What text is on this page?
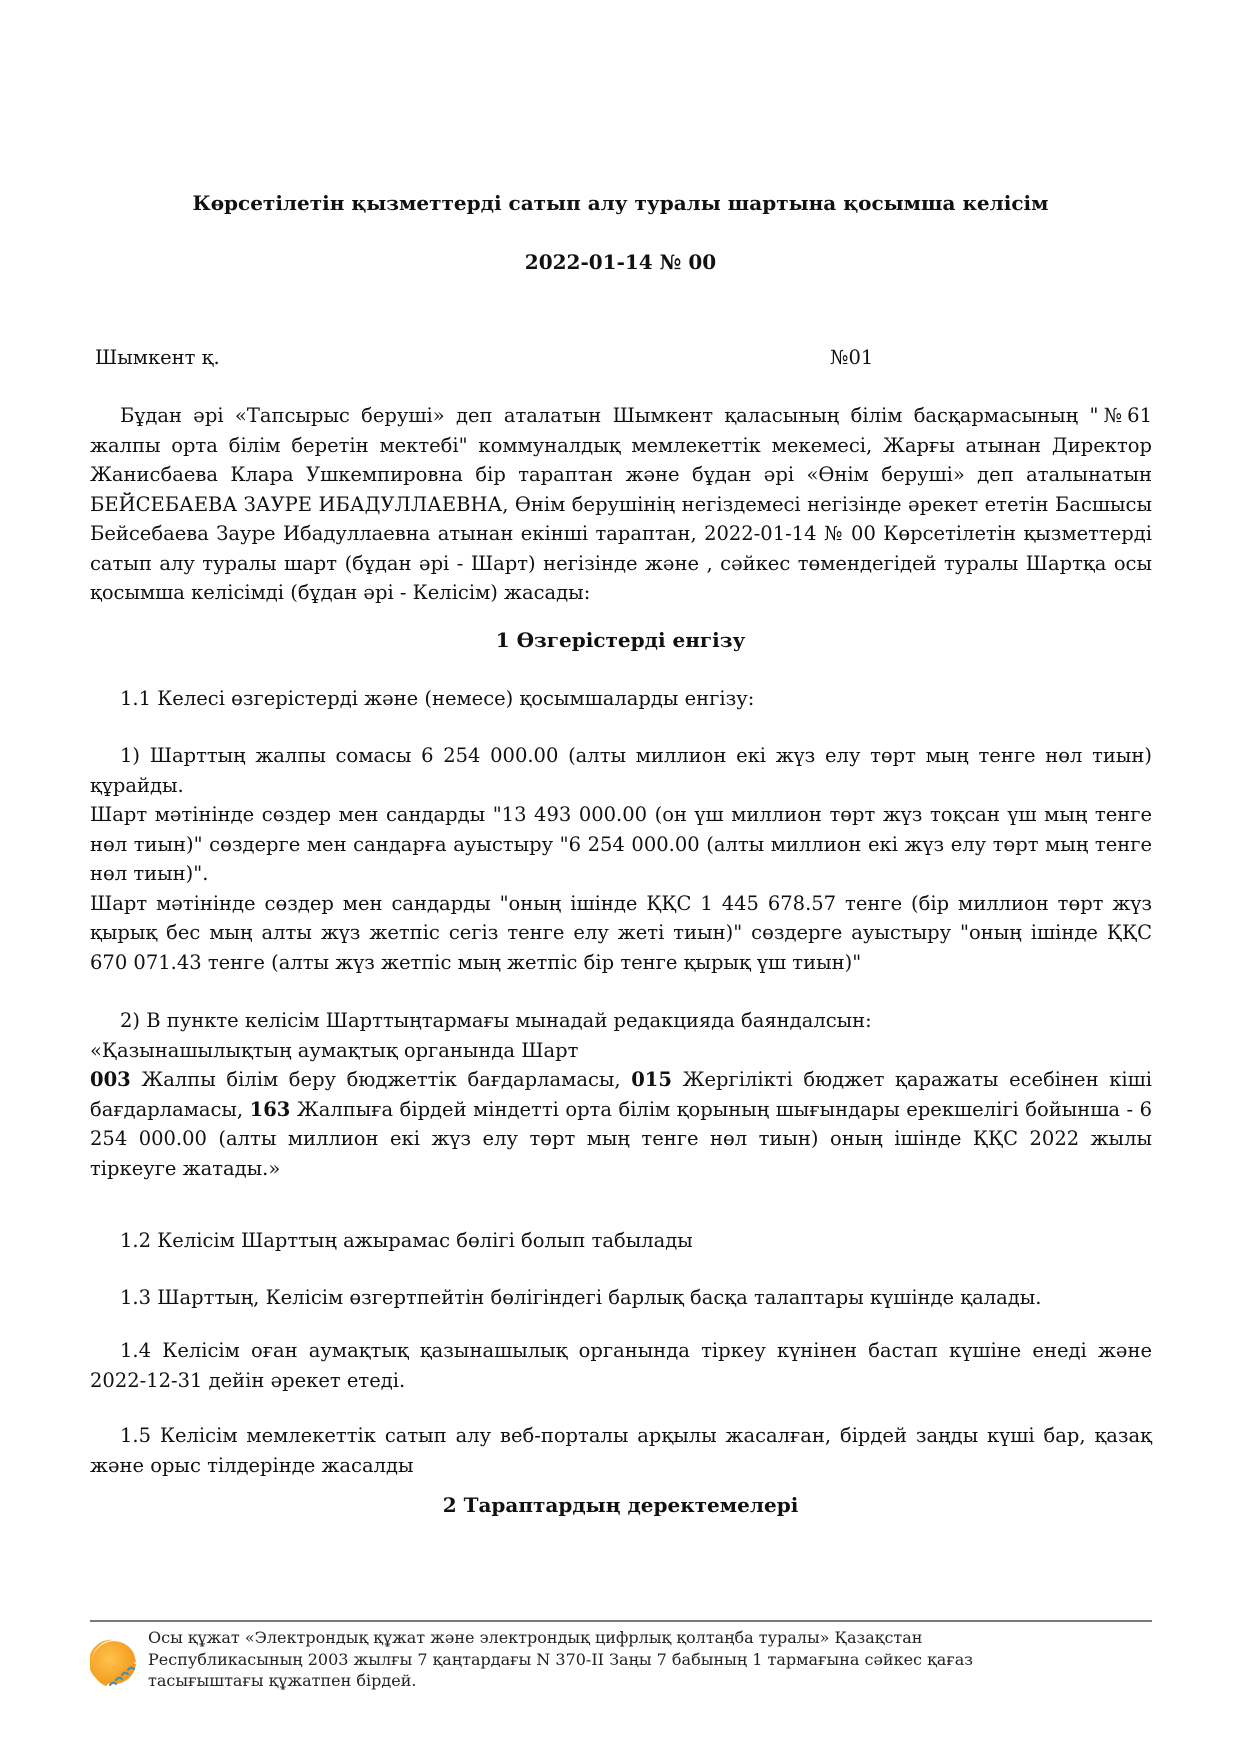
Көрсетілетін қызметтерді сатып алу туралы шартына қосымша келісім
2022-01-14 № 00
Шымкент қ.	№01
Бұдан әрі «Тапсырыс беруші» деп аталатын Шымкент қаласының білім басқармасының "№61 жалпы орта білім беретін мектебі" коммуналдық мемлекеттік мекемесі, Жарғы атынан Директор Жанисбаева Клара Ушкемпировна бір тараптан және бұдан әрі «Өнім беруші» деп аталынатын БЕЙСЕБАЕВА ЗАУРЕ ИБАДУЛЛАЕВНА, Өнім берушінің негіздемесі негізінде әрекет ететін Басшысы Бейсебаева Зауре Ибадуллаевна атынан екінші тараптан, 2022-01-14 № 00 Көрсетілетін қызметтерді сатып алу туралы шарт (бұдан әрі - Шарт) негізінде және , сәйкес төмендегідей туралы Шартқа осы қосымша келісімді (бұдан әрі - Келісім) жасады:
1 Өзгерістерді енгізу
1.1 Келесі өзгерістерді және (немесе) қосымшаларды енгізу:
1) Шарттың жалпы сомасы 6 254 000.00 (алты миллион екі жүз елу төрт мың тенге нөл тиын) құрайды.
Шарт мәтінінде сөздер мен сандарды "13 493 000.00 (он үш миллион төрт жүз тоқсан үш мың тенге нөл тиын)" сөздерге мен сандарға ауыстыру "6 254 000.00 (алты миллион екі жүз елу төрт мың тенге нөл тиын)".
Шарт мәтінінде сөздер мен сандарды "оның ішінде ҚҚС 1 445 678.57 тенге (бір миллион төрт жүз қырық бес мың алты жүз жетпіс сегіз тенге елу жеті тиын)" сөздерге ауыстыру "оның ішінде ҚҚС 670 071.43 тенге (алты жүз жетпіс мың жетпіс бір тенге қырық үш тиын)"
2) В пункте келісім Шарттыңтармағы мынадай редакцияда баяндалсын:
«Қазынашылықтың аумақтық органында Шарт
003 Жалпы білім беру бюджеттік бағдарламасы, 015 Жергілікті бюджет қаражаты есебінен кіші бағдарламасы, 163 Жалпыға бірдей міндетті орта білім қорының шығындары ерекшелігі бойынша - 6 254 000.00 (алты миллион екі жүз елу төрт мың тенге нөл тиын) оның ішінде ҚҚС 2022 жылы тіркеуге жатады.»
1.2 Келісім Шарттың ажырамас бөлігі болып табылады
1.3 Шарттың, Келісім өзгертпейтін бөлігіндегі барлық басқа талаптары күшінде қалады.
1.4 Келісім оған аумақтық қазынашылық органында тіркеу күнінен бастап күшіне енеді және 2022-12-31 дейін әрекет етеді.
1.5 Келісім мемлекеттік сатып алу веб-порталы арқылы жасалған, бірдей заңды күші бар, қазақ және орыс тілдерінде жасалды
2 Тараптардың деректемелері
Осы құжат «Электрондық құжат және электрондық цифрлық қолтаңба туралы» Қазақстан
Республикасының 2003 жылғы 7 қаңтардағы N 370-II Заңы 7 бабының 1 тармағына сәйкес қағаз
тасығыштағы құжатпен бірдей.
